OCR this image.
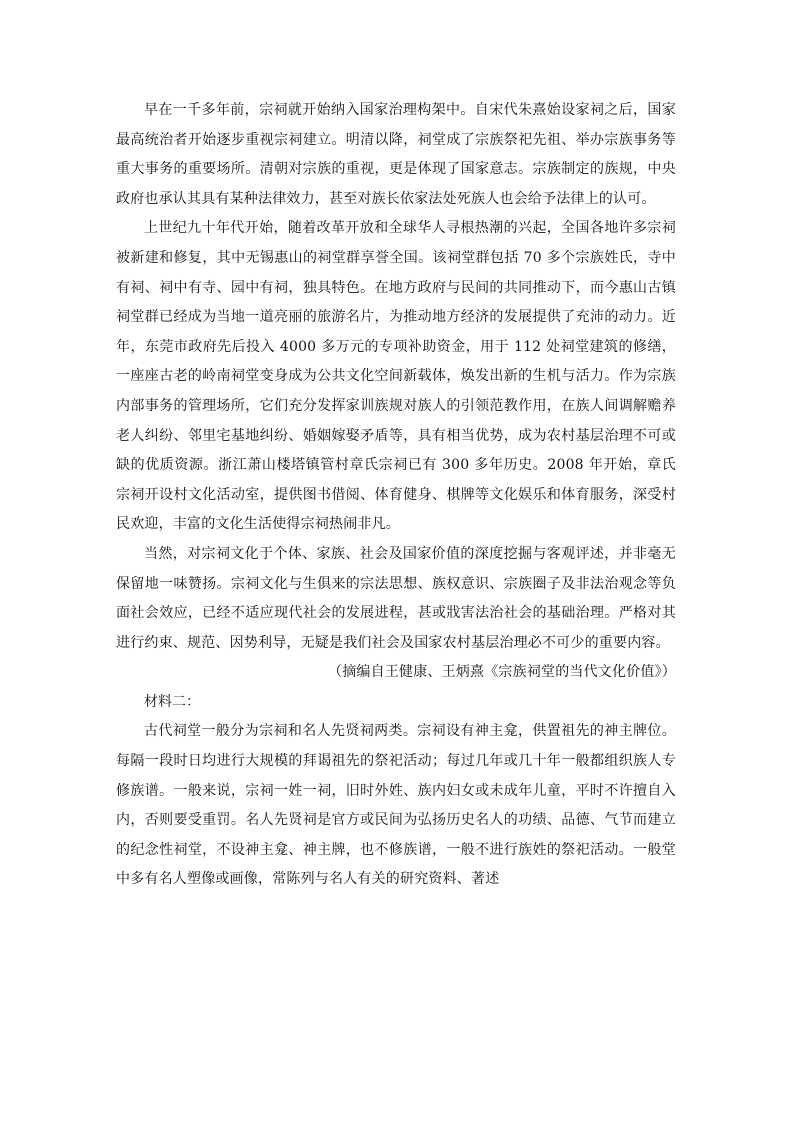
早在一千多年前，宗祠就开始纳入国家治理构架中。自宋代朱熹始设家祠之后，国家最高统治者开始逐步重视宗祠建立。明清以降，祠堂成了宗族祭祀先祖、举办宗族事务等重大事务的重要场所。清朝对宗族的重视，更是体现了国家意志。宗族制定的族规，中央政府也承认其具有某种法律效力，甚至对族长依家法处死族人也会给予法律上的认可。

上世纪九十年代开始，随着改革开放和全球华人寻根热潮的兴起，全国各地许多宗祠被新建和修复，其中无锡惠山的祠堂群享誉全国。该祠堂群包括 70 多个宗族姓氏，寺中有祠、祠中有寺、园中有祠，独具特色。在地方政府与民间的共同推动下，而今惠山古镇祠堂群已经成为当地一道亮丽的旅游名片，为推动地方经济的发展提供了充沛的动力。近年，东莞市政府先后投入 4000 多万元的专项补助资金，用于 112 处祠堂建筑的修缮，一座座古老的岭南祠堂变身成为公共文化空间新载体，焕发出新的生机与活力。作为宗族内部事务的管理场所，它们充分发挥家训族规对族人的引领范教作用，在族人间调解赡养老人纠纷、邻里宅基地纠纷、婚姻嫁娶矛盾等，具有相当优势，成为农村基层治理不可或缺的优质资源。浙江萧山楼塔镇管村章氏宗祠已有 300 多年历史。2008 年开始，章氏宗祠开设村文化活动室，提供图书借阅、体育健身、棋牌等文化娱乐和体育服务，深受村民欢迎，丰富的文化生活使得宗祠热闹非凡。

当然，对宗祠文化于个体、家族、社会及国家价值的深度挖掘与客观评述，并非毫无保留地一味赞扬。宗祠文化与生俱来的宗法思想、族权意识、宗族圈子及非法治观念等负面社会效应，已经不适应现代社会的发展进程，甚或戕害法治社会的基础治理。严格对其进行约束、规范、因势利导，无疑是我们社会及国家农村基层治理必不可少的重要内容。

（摘编自王健康、王炳熹《宗族祠堂的当代文化价值》）

材料二：

古代祠堂一般分为宗祠和名人先贤祠两类。宗祠设有神主龛，供置祖先的神主牌位。每隔一段时日均进行大规模的拜谒祖先的祭祀活动；每过几年或几十年一般都组织族人专修族谱。一般来说，宗祠一姓一祠，旧时外姓、族内妇女或未成年儿童，平时不许擅自入内，否则要受重罚。名人先贤祠是官方或民间为弘扬历史名人的功绩、品德、气节而建立的纪念性祠堂，不设神主龛、神主牌，也不修族谱，一般不进行族姓的祭祀活动。一般堂中多有名人塑像或画像，常陈列与名人有关的研究资料、著述
